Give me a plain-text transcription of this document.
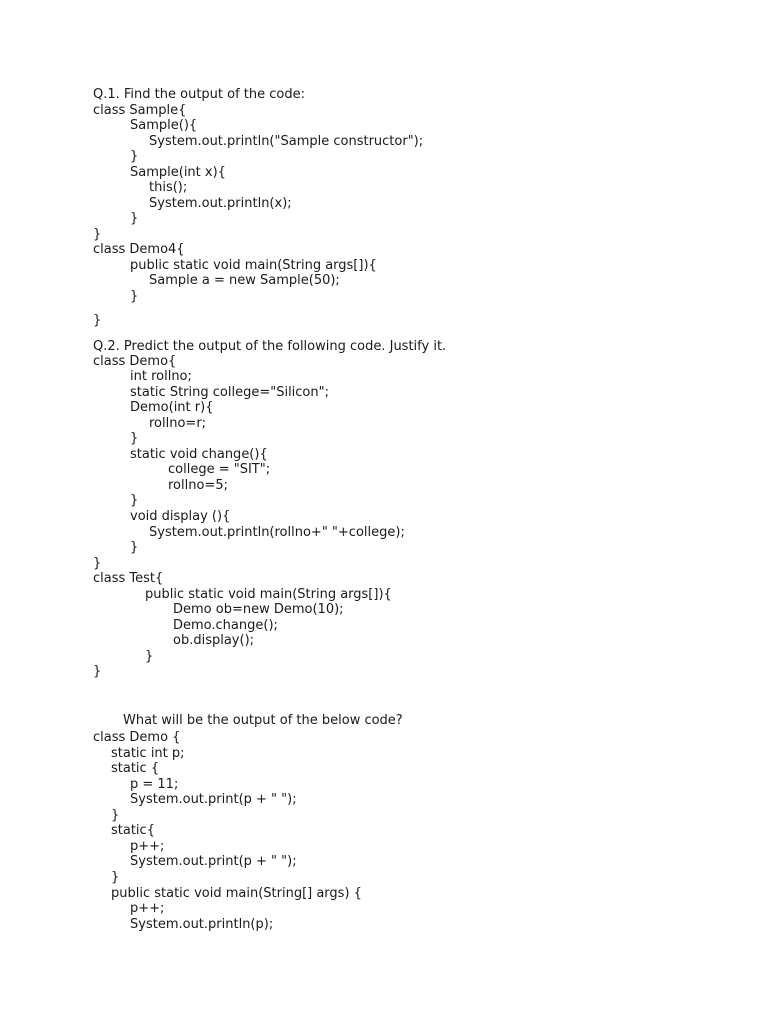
Q.1. Find the output of the code:
class Sample{
Sample(){
System.out.println("Sample constructor");
}
Sample(int x){
this();
System.out.println(x);
}
}
class Demo4{
public static void main(String args[]){
Sample a = new Sample(50);
}
}
Q.2. Predict the output of the following code. Justify it.
class Demo{
int rollno;
static String college="Silicon";
Demo(int r){
rollno=r;
}
static void change(){
college = "SIT";
rollno=5;
}
void display (){
System.out.println(rollno+" "+college);
}
}
class Test{
public static void main(String args[]){
Demo ob=new Demo(10);
Demo.change();
ob.display();
}
}
What will be the output of the below code?
class Demo {
static int p;
static {
p = 11;
System.out.print(p + " ");
}
static{
p++;
System.out.print(p + " ");
}
public static void main(String[] args) {
p++;
System.out.println(p);
